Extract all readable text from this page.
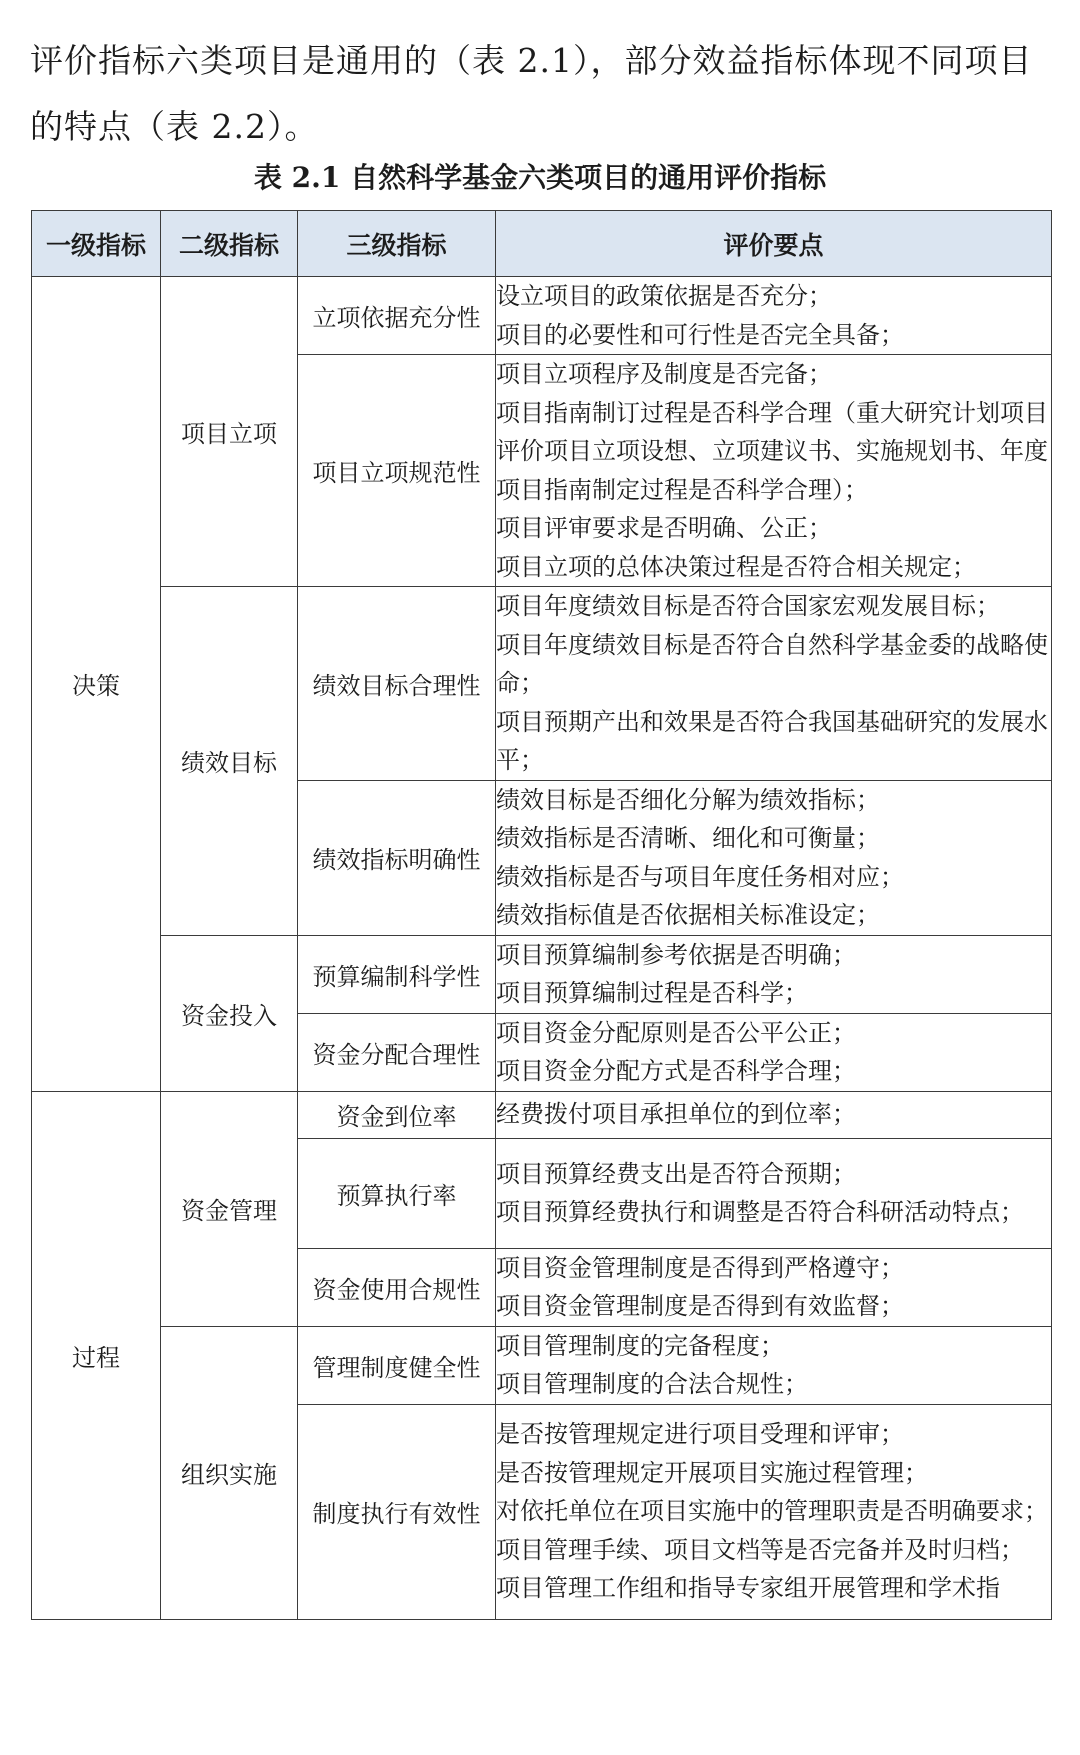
评价指标六类项目是通用的（表 2.1），部分效益指标体现不同项目的特点（表 2.2）。

表 2.1 自然科学基金六类项目的通用评价指标
一级指标	二级指标	三级指标	评价要点
决策	项目立项	立项依据充分性	设立项目的政策依据是否充分；
项目的必要性和可行性是否完全具备；

		项目立项规范性	项目立项程序及制度是否完备；
项目指南制订过程是否科学合理（重大研究计划项目评价项目立项设想、立项建议书、实施规划书、年度项目指南制定过程是否科学合理）；
项目评审要求是否明确、公正；
项目立项的总体决策过程是否符合相关规定；

	绩效目标	绩效目标合理性	项目年度绩效目标是否符合国家宏观发展目标；
项目年度绩效目标是否符合自然科学基金委的战略使命；
项目预期产出和效果是否符合我国基础研究的发展水平；

		绩效指标明确性	绩效目标是否细化分解为绩效指标；
绩效指标是否清晰、细化和可衡量；
绩效指标是否与项目年度任务相对应；
绩效指标值是否依据相关标准设定；

	资金投入	预算编制科学性	项目预算编制参考依据是否明确；
项目预算编制过程是否科学；

		资金分配合理性	项目资金分配原则是否公平公正；
项目资金分配方式是否科学合理；

过程	资金管理	资金到位率	经费拨付项目承担单位的到位率；

		预算执行率	项目预算经费支出是否符合预期；
项目预算经费执行和调整是否符合科研活动特点；

		资金使用合规性	项目资金管理制度是否得到严格遵守；
项目资金管理制度是否得到有效监督；

	组织实施	管理制度健全性	项目管理制度的完备程度；
项目管理制度的合法合规性；

		制度执行有效性	是否按管理规定进行项目受理和评审；
是否按管理规定开展项目实施过程管理；
对依托单位在项目实施中的管理职责是否明确要求；
项目管理手续、项目文档等是否完备并及时归档；
项目管理工作组和指导专家组开展管理和学术指
